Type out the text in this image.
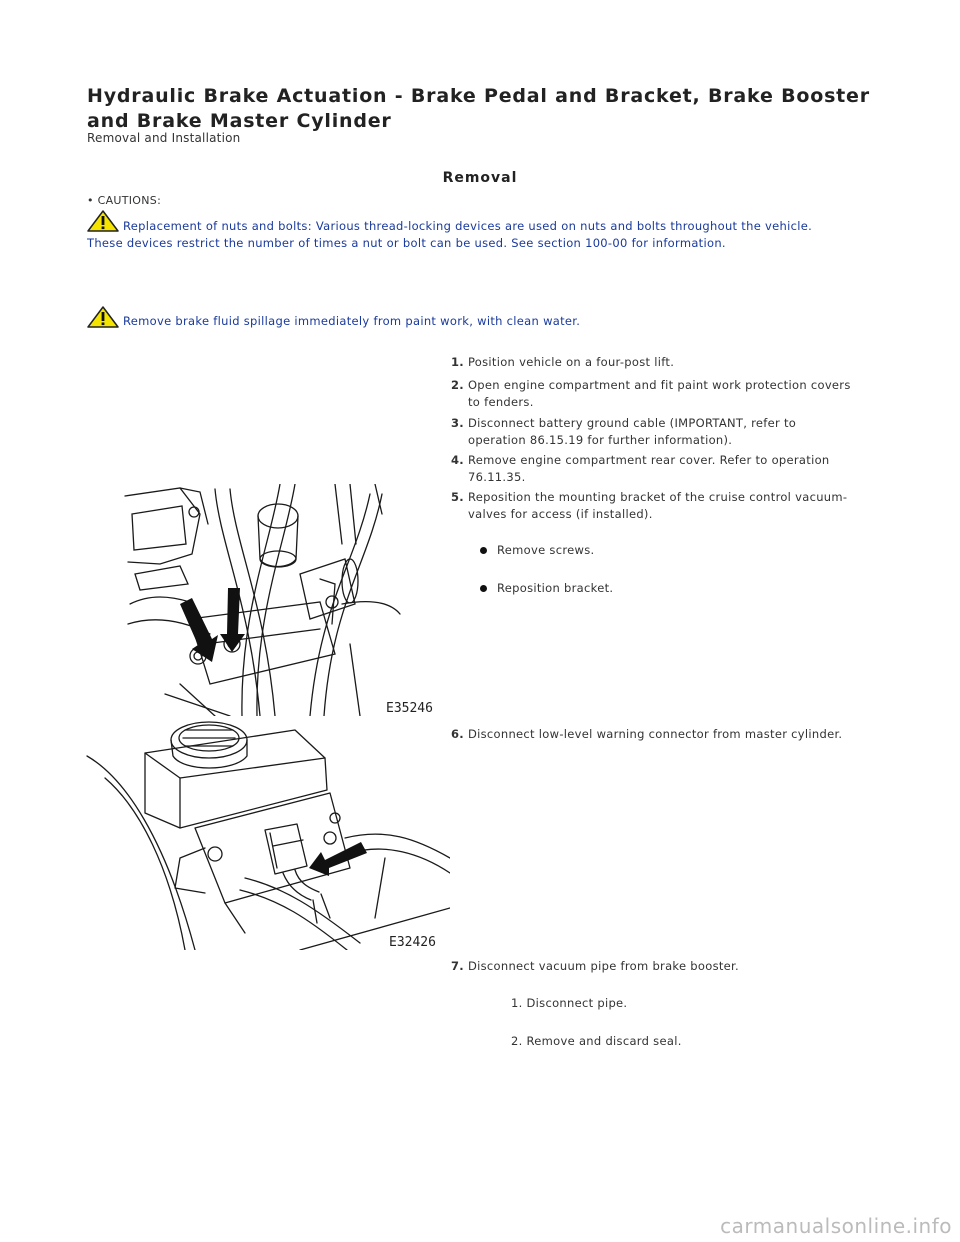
Hydraulic Brake Actuation - Brake Pedal and Bracket, Brake Booster and Brake Master Cylinder
Removal and Installation
Removal
• CAUTIONS:
Replacement of nuts and bolts: Various thread-locking devices are used on nuts and bolts throughout the vehicle.
These devices restrict the number of times a nut or bolt can be used. See section 100-00 for information.
Remove brake fluid spillage immediately from paint work, with clean water.
1. Position vehicle on a four-post lift.
2. Open engine compartment and fit paint work protection covers
to fenders.
3. Disconnect battery ground cable (IMPORTANT, refer to
operation 86.15.19 for further information).
4. Remove engine compartment rear cover. Refer to operation
76.11.35.
5. Reposition the mounting bracket of the cruise control vacuum-
valves for access (if installed).
Remove screws.
Reposition bracket.
E35246
6. Disconnect low-level warning connector from master cylinder.
E32426
7. Disconnect vacuum pipe from brake booster.
1. Disconnect pipe.
2. Remove and discard seal.
carmanualsonline.info
